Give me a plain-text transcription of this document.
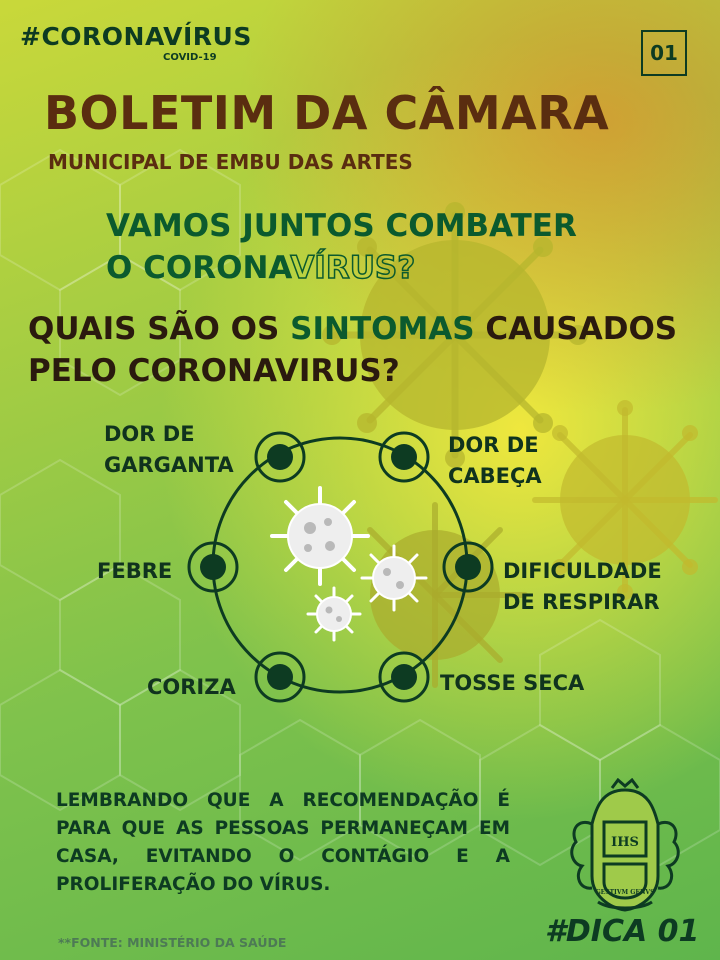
#CORONAVÍRUS
COVID-19	01
BOLETIM DA CÂMARA
MUNICIPAL DE EMBU DAS ARTES
VAMOS JUNTOS COMBATER
O CORONAVÍRUS?
QUAIS SÃO OS SINTOMAS CAUSADOS
PELO CORONAVIRUS?
DOR DE
GARGANTA
DOR DE
CABEÇA
FEBRE	DIFICULDADE
DE RESPIRAR
CORIZA	TOSSE SECA
LEMBRANDO QUE A RECOMENDAÇÃO É PARA QUE AS PESSOAS PERMANEÇAM EM CASA, EVITANDO O CONTÁGIO E A PROLIFERAÇÃO DO VÍRUS.
IHS
GESTIVM GENVS
#DICA 01
**FONTE: MINISTÉRIO DA SAÚDE
